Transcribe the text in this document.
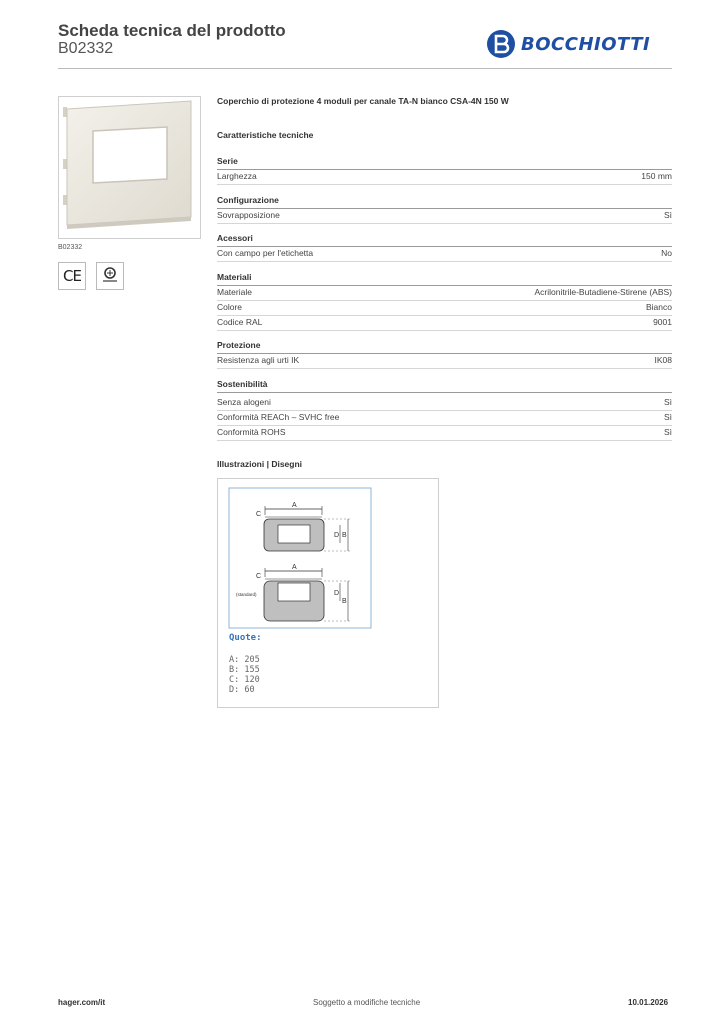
Scheda tecnica del prodotto
B02332	BOCCHIOTTI
B02332
CE
Coperchio di protezione 4 moduli per canale TA-N bianco CSA-4N 150 W
Caratteristiche tecniche
Serie
Larghezza	150 mm
Configurazione
Sovrapposizione	Sì
Acessori
Con campo per l'etichetta	No
Materiali
Materiale	Acrilonitrile-Butadiene-Stirene (ABS)
Colore	Bianco
Codice RAL	9001
Protezione
Resistenza agli urti IK	IK08
Sostenibilità
Senza alogeni	Sì
Conformità REACh – SVHC free	Sì
Conformità ROHS	Sì
Illustrazioni | Disegni
A
C
D B
A
C
D
B
(standard)
Quote:
A: 205
B: 155
C: 120
D: 60
hager.com/it	Soggetto a modifiche tecniche	10.01.2026
